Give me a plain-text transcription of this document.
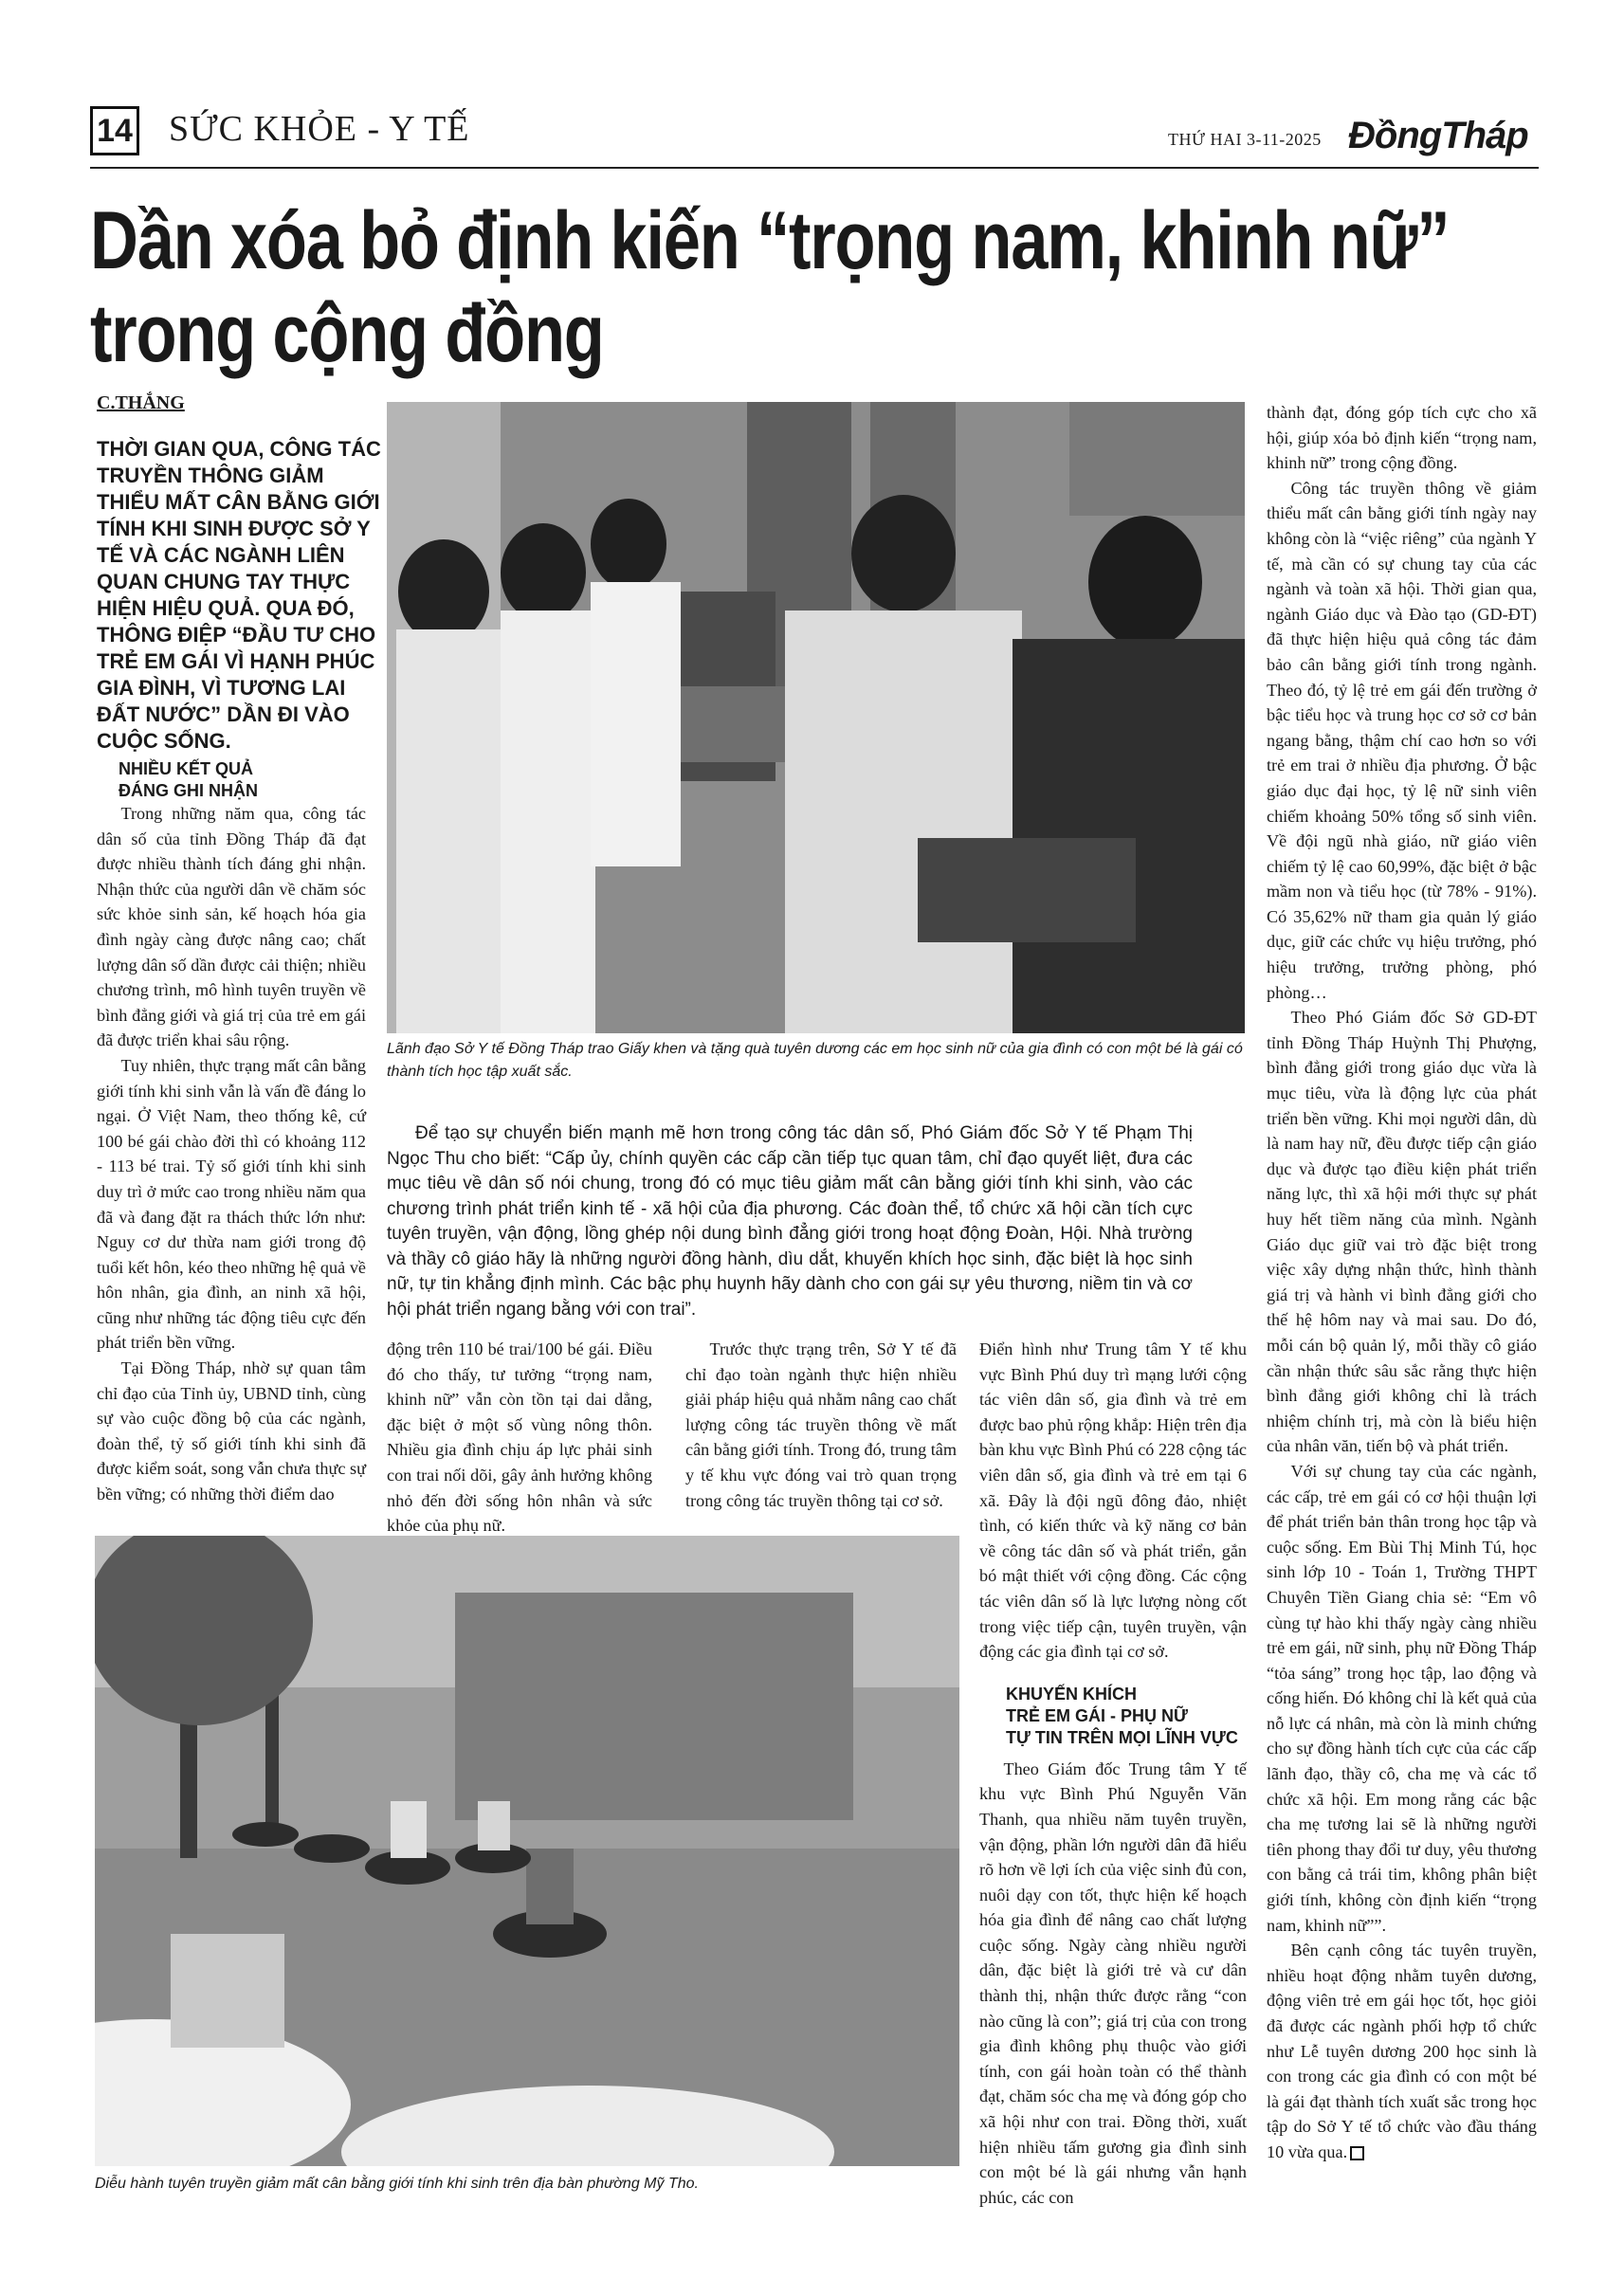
14 SỨC KHỎE - Y TẾ	THỨ HAI 3-11-2025 ĐồngTháp
Dần xóa bỏ định kiến “trọng nam, khinh nữ”
trong cộng đồng
C.THẮNG
THỜI GIAN QUA, CÔNG TÁC TRUYỀN THÔNG GIẢM THIỂU MẤT CÂN BẰNG GIỚI TÍNH KHI SINH ĐƯỢC SỞ Y TẾ VÀ CÁC NGÀNH LIÊN QUAN CHUNG TAY THỰC HIỆN HIỆU QUẢ. QUA ĐÓ, THÔNG ĐIỆP “ĐẦU TƯ CHO TRẺ EM GÁI VÌ HẠNH PHÚC GIA ĐÌNH, VÌ TƯƠNG LAI ĐẤT NƯỚC” DẦN ĐI VÀO CUỘC SỐNG.
Lãnh đạo Sở Y tế Đồng Tháp trao Giấy khen và tặng quà tuyên dương các em học sinh nữ của gia đình có con một bé là gái có thành tích học tập xuất sắc.
NHIỀU KẾT QUẢ
ĐÁNG GHI NHẬN

Trong những năm qua, công tác dân số của tỉnh Đồng Tháp đã đạt được nhiều thành tích đáng ghi nhận. Nhận thức của người dân về chăm sóc sức khỏe sinh sản, kế hoạch hóa gia đình ngày càng được nâng cao; chất lượng dân số dần được cải thiện; nhiều chương trình, mô hình tuyên truyền về bình đẳng giới và giá trị của trẻ em gái đã được triển khai sâu rộng.

Tuy nhiên, thực trạng mất cân bằng giới tính khi sinh vẫn là vấn đề đáng lo ngại. Ở Việt Nam, theo thống kê, cứ 100 bé gái chào đời thì có khoảng 112 - 113 bé trai. Tỷ số giới tính khi sinh duy trì ở mức cao trong nhiều năm qua đã và đang đặt ra thách thức lớn như: Nguy cơ dư thừa nam giới trong độ tuổi kết hôn, kéo theo những hệ quả về hôn nhân, gia đình, an ninh xã hội, cũng như những tác động tiêu cực đến phát triển bền vững.

Tại Đồng Tháp, nhờ sự quan tâm chỉ đạo của Tỉnh ủy, UBND tỉnh, cùng sự vào cuộc đồng bộ của các ngành, đoàn thể, tỷ số giới tính khi sinh đã được kiểm soát, song vẫn chưa thực sự bền vững; có những thời điểm dao

Để tạo sự chuyển biến mạnh mẽ hơn trong công tác dân số, Phó Giám đốc Sở Y tế Phạm Thị Ngọc Thu cho biết: “Cấp ủy, chính quyền các cấp cần tiếp tục quan tâm, chỉ đạo quyết liệt, đưa các mục tiêu về dân số nói chung, trong đó có mục tiêu giảm mất cân bằng giới tính khi sinh, vào các chương trình phát triển kinh tế - xã hội của địa phương. Các đoàn thể, tổ chức xã hội cần tích cực tuyên truyền, vận động, lồng ghép nội dung bình đẳng giới trong hoạt động Đoàn, Hội. Nhà trường và thầy cô giáo hãy là những người đồng hành, dìu dắt, khuyến khích học sinh, đặc biệt là học sinh nữ, tự tin khẳng định mình. Các bậc phụ huynh hãy dành cho con gái sự yêu thương, niềm tin và cơ hội phát triển ngang bằng với con trai”.

động trên 110 bé trai/100 bé gái. Điều đó cho thấy, tư tưởng “trọng nam, khinh nữ” vẫn còn tồn tại dai dẳng, đặc biệt ở một số vùng nông thôn. Nhiều gia đình chịu áp lực phải sinh con trai nối dõi, gây ảnh hưởng không nhỏ đến đời sống hôn nhân và sức khỏe của phụ nữ.

Trước thực trạng trên, Sở Y tế đã chỉ đạo toàn ngành thực hiện nhiều giải pháp hiệu quả nhằm nâng cao chất lượng công tác truyền thông về mất cân bằng giới tính. Trong đó, trung tâm y tế khu vực đóng vai trò quan trọng trong công tác truyền thông tại cơ sở.

Diễu hành tuyên truyền giảm mất cân bằng giới tính khi sinh trên địa bàn phường Mỹ Tho.

Điển hình như Trung tâm Y tế khu vực Bình Phú duy trì mạng lưới cộng tác viên dân số, gia đình và trẻ em được bao phủ rộng khắp: Hiện trên địa bàn khu vực Bình Phú có 228 cộng tác viên dân số, gia đình và trẻ em tại 6 xã. Đây là đội ngũ đông đảo, nhiệt tình, có kiến thức và kỹ năng cơ bản về công tác dân số và phát triển, gắn bó mật thiết với cộng đồng. Các cộng tác viên dân số là lực lượng nòng cốt trong việc tiếp cận, tuyên truyền, vận động các gia đình tại cơ sở.

KHUYẾN KHÍCH
TRẺ EM GÁI - PHỤ NỮ
TỰ TIN TRÊN MỌI LĨNH VỰC

Theo Giám đốc Trung tâm Y tế khu vực Bình Phú Nguyễn Văn Thanh, qua nhiều năm tuyên truyền, vận động, phần lớn người dân đã hiểu rõ hơn về lợi ích của việc sinh đủ con, nuôi dạy con tốt, thực hiện kế hoạch hóa gia đình để nâng cao chất lượng cuộc sống. Ngày càng nhiều người dân, đặc biệt là giới trẻ và cư dân thành thị, nhận thức được rằng “con nào cũng là con”; giá trị của con trong gia đình không phụ thuộc vào giới tính, con gái hoàn toàn có thể thành đạt, chăm sóc cha mẹ và đóng góp cho xã hội như con trai. Đồng thời, xuất hiện nhiều tấm gương gia đình sinh con một bé là gái nhưng vẫn hạnh phúc, các con

thành đạt, đóng góp tích cực cho xã hội, giúp xóa bỏ định kiến “trọng nam, khinh nữ” trong cộng đồng.

Công tác truyền thông về giảm thiểu mất cân bằng giới tính ngày nay không còn là “việc riêng” của ngành Y tế, mà cần có sự chung tay của các ngành và toàn xã hội. Thời gian qua, ngành Giáo dục và Đào tạo (GD-ĐT) đã thực hiện hiệu quả công tác đảm bảo cân bằng giới tính trong ngành. Theo đó, tỷ lệ trẻ em gái đến trường ở bậc tiểu học và trung học cơ sở cơ bản ngang bằng, thậm chí cao hơn so với trẻ em trai ở nhiều địa phương. Ở bậc giáo dục đại học, tỷ lệ nữ sinh viên chiếm khoảng 50% tổng số sinh viên. Về đội ngũ nhà giáo, nữ giáo viên chiếm tỷ lệ cao 60,99%, đặc biệt ở bậc mầm non và tiểu học (từ 78% - 91%). Có 35,62% nữ tham gia quản lý giáo dục, giữ các chức vụ hiệu trưởng, phó hiệu trưởng, trưởng phòng, phó phòng…

Theo Phó Giám đốc Sở GD-ĐT tỉnh Đồng Tháp Huỳnh Thị Phượng, bình đẳng giới trong giáo dục vừa là mục tiêu, vừa là động lực của phát triển bền vững. Khi mọi người dân, dù là nam hay nữ, đều được tiếp cận giáo dục và được tạo điều kiện phát triển năng lực, thì xã hội mới thực sự phát huy hết tiềm năng của mình. Ngành Giáo dục giữ vai trò đặc biệt trong việc xây dựng nhận thức, hình thành giá trị và hành vi bình đẳng giới cho thế hệ hôm nay và mai sau. Do đó, mỗi cán bộ quản lý, mỗi thầy cô giáo cần nhận thức sâu sắc rằng thực hiện bình đẳng giới không chỉ là trách nhiệm chính trị, mà còn là biểu hiện của nhân văn, tiến bộ và phát triển.

Với sự chung tay của các ngành, các cấp, trẻ em gái có cơ hội thuận lợi để phát triển bản thân trong học tập và cuộc sống. Em Bùi Thị Minh Tú, học sinh lớp 10 - Toán 1, Trường THPT Chuyên Tiền Giang chia sẻ: “Em vô cùng tự hào khi thấy ngày càng nhiều trẻ em gái, nữ sinh, phụ nữ Đồng Tháp “tỏa sáng” trong học tập, lao động và cống hiến. Đó không chỉ là kết quả của nỗ lực cá nhân, mà còn là minh chứng cho sự đồng hành tích cực của các cấp lãnh đạo, thầy cô, cha mẹ và các tổ chức xã hội. Em mong rằng các bậc cha mẹ tương lai sẽ là những người tiên phong thay đổi tư duy, yêu thương con bằng cả trái tim, không phân biệt giới tính, không còn định kiến “trọng nam, khinh nữ””.

Bên cạnh công tác tuyên truyền, nhiều hoạt động nhằm tuyên dương, động viên trẻ em gái học tốt, học giỏi đã được các ngành phối hợp tổ chức như Lễ tuyên dương 200 học sinh là con trong các gia đình có con một bé là gái đạt thành tích xuất sắc trong học tập do Sở Y tế tổ chức vào đầu tháng 10 vừa qua.
